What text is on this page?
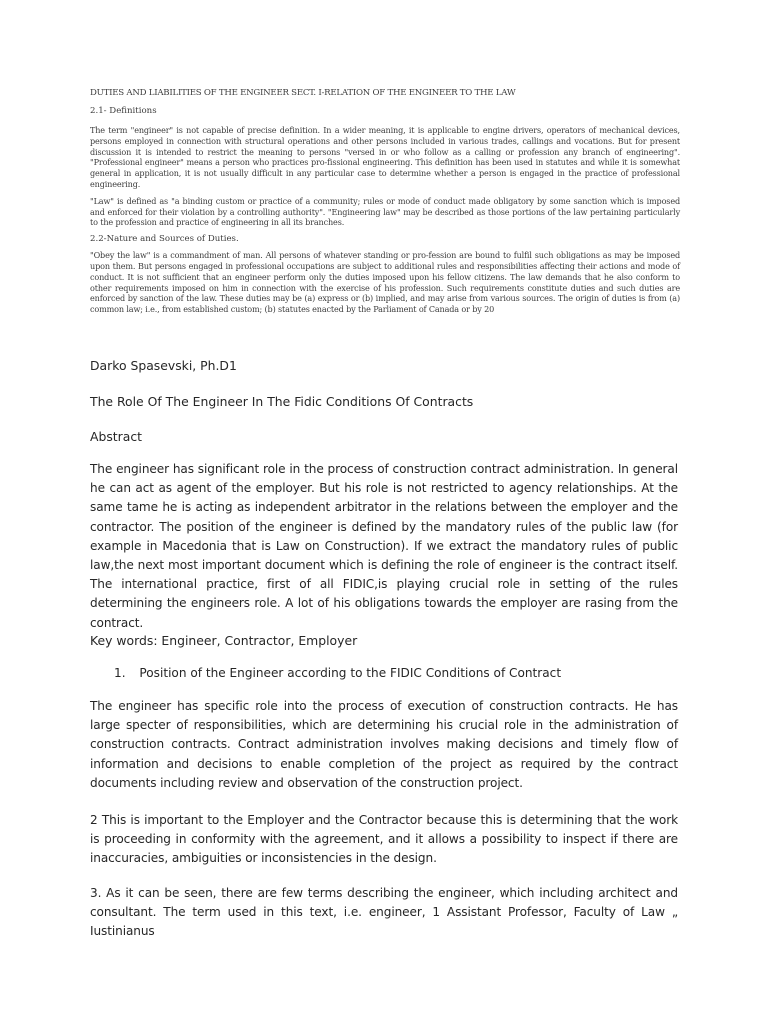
DUTIES AND LIABILITIES OF THE ENGINEER SECT. I-RELATION OF THE ENGINEER TO THE LAW

2.1- Definitions

The term "engineer" is not capable of precise definition. In a wider meaning, it is applicable to engine drivers, operators of mechanical devices, persons employed in connection with structural operations and other persons included in various trades, callings and vocations. But for present discussion it is intended to restrict the meaning to persons "versed in or who follow as a calling or profession any branch of engineering". "Professional engineer" means a person who practices pro-fissional engineering. This definition has been used in statutes and while it is somewhat general in application, it is not usually difficult in any particular case to determine whether a person is engaged in the practice of professional engineering.

"Law" is defined as "a binding custom or practice of a community; rules or mode of conduct made obligatory by some sanction which is imposed and enforced for their violation by a controlling authority". "Engineering law" may be described as those portions of the law pertaining particularly to the profession and practice of engineering in all its branches.

2.2-Nature and Sources of Duties.

"Obey the law" is a commandment of man. All persons of whatever standing or pro-fession are bound to fulfil such obligations as may be imposed upon them. But persons engaged in professional occupations are subject to additional rules and responsibilities affecting their actions and mode of conduct. It is not sufficient that an engineer perform only the duties imposed upon his fellow citizens. The law demands that he also conform to other requirements imposed on him in connection with the exercise of his profession. Such requirements constitute duties and such duties are enforced by sanction of the law. These duties may be (a) express or (b) implied, and may arise from various sources. The origin of duties is from (a) common law; i.e., from established custom; (b) statutes enacted by the Parliament of Canada or by 20

Darko Spasevski, Ph.D1

The Role Of The Engineer In The Fidic Conditions Of Contracts

Abstract

The engineer has significant role in the process of construction contract administration. In general he can act as agent of the employer. But his role is not restricted to agency relationships. At the same tame he is acting as independent arbitrator in the relations between the employer and the contractor. The position of the engineer is defined by the mandatory rules of the public law (for example in Macedonia that is Law on Construction). If we extract the mandatory rules of public law,the next most important document which is defining the role of engineer is the contract itself. The international practice, first of all FIDIC,is playing crucial role in setting of the rules determining the engineers role. A lot of his obligations towards the employer are rasing from the contract.

Key words: Engineer, Contractor, Employer

1. Position of the Engineer according to the FIDIC Conditions of Contract

The engineer has specific role into the process of execution of construction contracts. He has large specter of responsibilities, which are determining his crucial role in the administration of construction contracts. Contract administration involves making decisions and timely flow of information and decisions to enable completion of the project as required by the contract documents including review and observation of the construction project.

2 This is important to the Employer and the Contractor because this is determining that the work is proceeding in conformity with the agreement, and it allows a possibility to inspect if there are inaccuracies, ambiguities or inconsistencies in the design.

3. As it can be seen, there are few terms describing the engineer, which including architect and consultant. The term used in this text, i.e. engineer, 1 Assistant Professor, Faculty of Law „ Iustinianus
